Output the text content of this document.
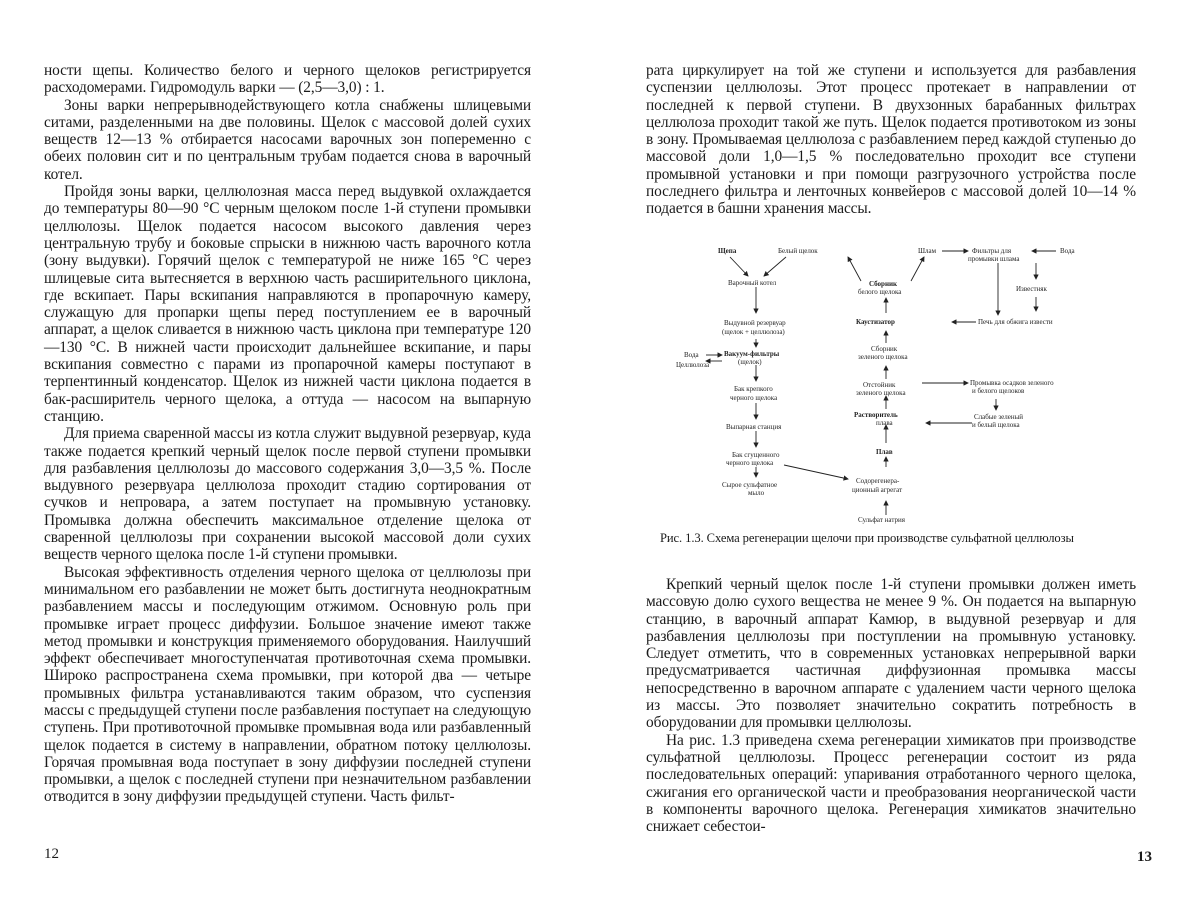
ности щепы. Количество белого и черного щелоков регистрируется расходомерами. Гидромодуль варки — (2,5—3,0) : 1.

Зоны варки непрерывнодействующего котла снабжены шлицевыми ситами, разделенными на две половины. Щелок с массовой долей сухих веществ 12—13 % отбирается насосами варочных зон попеременно с обеих половин сит и по центральным трубам подается снова в варочный котел.

Пройдя зоны варки, целлюлозная масса перед выдувкой охлаждается до температуры 80—90 °С черным щелоком после 1-й ступени промывки целлюлозы. Щелок подается насосом высокого давления через центральную трубу и боковые спрыски в нижнюю часть варочного котла (зону выдувки). Горячий щелок с температурой не ниже 165 °С через шлицевые сита вытесняется в верхнюю часть расширительного циклона, где вскипает. Пары вскипания направляются в пропарочную камеру, служащую для пропарки щепы перед поступлением ее в варочный аппарат, а щелок сливается в нижнюю часть циклона при температуре 120—130 °С. В нижней части происходит дальнейшее вскипание, и пары вскипания совместно с парами из пропарочной камеры поступают в терпентинный конденсатор. Щелок из нижней части циклона подается в бак-расширитель черного щелока, а оттуда — насосом на выпарную станцию.

Для приема сваренной массы из котла служит выдувной резервуар, куда также подается крепкий черный щелок после первой ступени промывки для разбавления целлюлозы до массового содержания 3,0—3,5 %. После выдувного резервуара целлюлоза проходит стадию сортирования от сучков и непровара, а затем поступает на промывную установку. Промывка должна обеспечить максимальное отделение щелока от сваренной целлюлозы при сохранении высокой массовой доли сухих веществ черного щелока после 1-й ступени промывки.

Высокая эффективность отделения черного щелока от целлюлозы при минимальном его разбавлении не может быть достигнута неоднократным разбавлением массы и последующим отжимом. Основную роль при промывке играет процесс диффузии. Большое значение имеют также метод промывки и конструкция применяемого оборудования. Наилучший эффект обеспечивает многоступенчатая противоточная схема промывки. Широко распространена схема промывки, при которой два — четыре промывных фильтра устанавливаются таким образом, что суспензия массы с предыдущей ступени после разбавления поступает на следующую ступень. При противоточной промывке промывная вода или разбавленный щелок подается в систему в направлении, обратном потоку целлюлозы. Горячая промывная вода поступает в зону диффузии последней ступени промывки, а щелок с последней ступени при незначительном разбавлении отводится в зону диффузии предыдущей ступени. Часть фильт-

12

рата циркулирует на той же ступени и используется для разбавления суспензии целлюлозы. Этот процесс протекает в направлении от последней к первой ступени. В двухзонных барабанных фильтрах целлюлоза проходит такой же путь. Щелок подается противотоком из зоны в зону. Промываемая целлюлоза с разбавлением перед каждой ступенью до массовой доли 1,0—1,5 % последовательно проходит все ступени промывной установки и при помощи разгрузочного устройства после последнего фильтра и ленточных конвейеров с массовой долей 10—14 % подается в башни хранения массы.

Щепа	Белый щелок	Шлам	Фильтры для
промывки шлама
Вода
Варочный котел	Сборник
белого щелока	Известняк
Выдувной резервуар
(щелок + целлюлоза)
Каустизатор	Печь для обжига извести
Сборник
зеленого щелока
Вода
Целлюлоза
Вакуум-фильтры
(щелок)
Отстойник
зеленого щелока
Промывка осадков зеленого
и белого щелоков
Бак крепкого
черного щелока
Растворитель
плава
Слабые зеленый
и белый щелока
Выпарная станция
Плав
Бак сгущенного
черного щелока
Содорегенера-
ционный агрегат
Сырое сульфатное
мыло
Сульфат натрия
Рис. 1.3. Схема регенерации щелочи при производстве сульфатной целлюлозы

Крепкий черный щелок после 1-й ступени промывки должен иметь массовую долю сухого вещества не менее 9 %. Он подается на выпарную станцию, в варочный аппарат Камюр, в выдувной резервуар и для разбавления целлюлозы при поступлении на промывную установку. Следует отметить, что в современных установках непрерывной варки предусматривается частичная диффузионная промывка массы непосредственно в варочном аппарате с удалением части черного щелока из массы. Это позволяет значительно сократить потребность в оборудовании для промывки целлюлозы.

На рис. 1.3 приведена схема регенерации химикатов при производстве сульфатной целлюлозы. Процесс регенерации состоит из ряда последовательных операций: упаривания отработанного черного щелока, сжигания его органической части и преобразования неорганической части в компоненты варочного щелока. Регенерация химикатов значительно снижает себестои-

13
